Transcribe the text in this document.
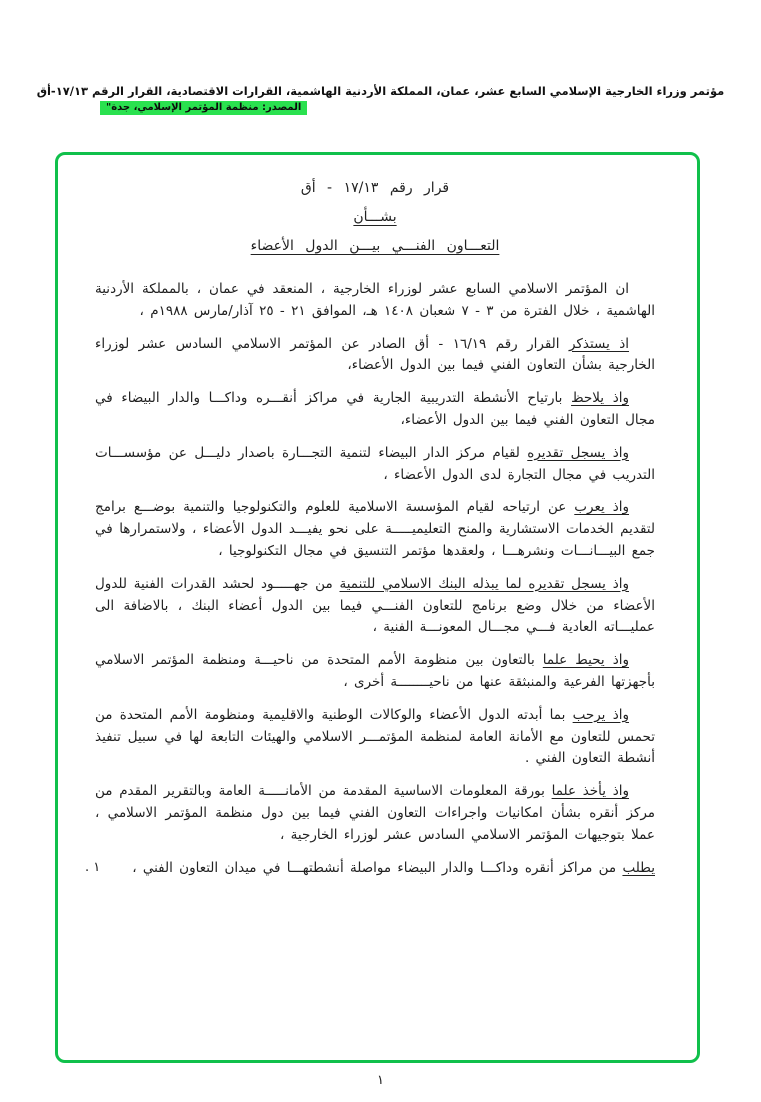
مؤتمر وزراء الخارجية الإسلامي السابع عشر، عمان، المملكة الأردنية الهاشمية، القرارات الاقتصادية، القرار الرقم ١٧/١٣-أق
المصدر: منظمة المؤتمر الإسلامي، جدة"
قرار رقم ١٧/١٣ - أق
بشـــأن
التعـــاون الفنـــي بيـــن الدول الأعضاء

ان المؤتمر الاسلامي السابع عشر لوزراء الخارجية ، المنعقد في عمان ، بالمملكة الأردنية الهاشمية ، خلال الفترة من ٣ - ٧ شعبان ١٤٠٨ هـ، الموافق ٢١ - ٢٥ آذار/مارس ١٩٨٨م ،

اذ يستذكر القرار رقم ١٦/١٩ - أق الصادر عن المؤتمر الاسلامي السادس عشر لوزراء الخارجية بشأن التعاون الفني فيما بين الدول الأعضاء،

واذ يلاحظ بارتياح الأنشطة التدريبية الجارية في مراكز أنقـــره وداكـــا والدار البيضاء في مجال التعاون الفني فيما بين الدول الأعضاء،

واذ يسجل تقديره لقيام مركز الدار البيضاء لتنمية التجـــارة باصدار دليـــل عن مؤسســـات التدريب في مجال التجارة لدى الدول الأعضاء ،

واذ يعرب عن ارتياحه لقيام المؤسسة الاسلامية للعلوم والتكنولوجيا والتنمية بوضـــع برامج لتقديم الخدمات الاستشارية والمنح التعليميـــــة على نحو يفيـــد الدول الأعضاء ، ولاستمرارها في جمع البيـــانـــات ونشرهـــا ، ولعقدها مؤتمر التنسيق في مجال التكنولوجيا ،

واذ يسجل تقديره لما يبذله البنك الاسلامي للتنمية من جهـــــود لحشد القدرات الفنية للدول الأعضاء من خلال وضع برنامج للتعاون الفنـــي فيما بين الدول أعضاء البنك ، بالاضافة الى عمليـــاته العادية فـــي مجـــال المعونـــة الفنية ،

واذ يحيط علما بالتعاون بين منظومة الأمم المتحدة من ناحيـــة ومنظمة المؤتمر الاسلامي بأجهزتها الفرعية والمنبثقة عنها من ناحيــــــــة أخرى ،

واذ يرحب بما أبدته الدول الأعضاء والوكالات الوطنية والاقليمية ومنظومة الأمم المتحدة من تحمس للتعاون مع الأمانة العامة لمنظمة المؤتمـــر الاسلامي والهيئات التابعة لها في سبيل تنفيذ أنشطة التعاون الفني .

واذ يأخذ علما بورقة المعلومات الاساسية المقدمة من الأمانـــــة العامة وبالتقرير المقدم من مركز أنقره بشأن امكانيات واجراءات التعاون الفني فيما بين دول منظمة المؤتمر الاسلامي ، عملا بتوجيهات المؤتمر الاسلامي السادس عشر لوزراء الخارجية ،

١ .	يطلب من مراكز أنقره وداكـــا والدار البيضاء مواصلة أنشطتهـــا في ميدان التعاون الفني ،

١
